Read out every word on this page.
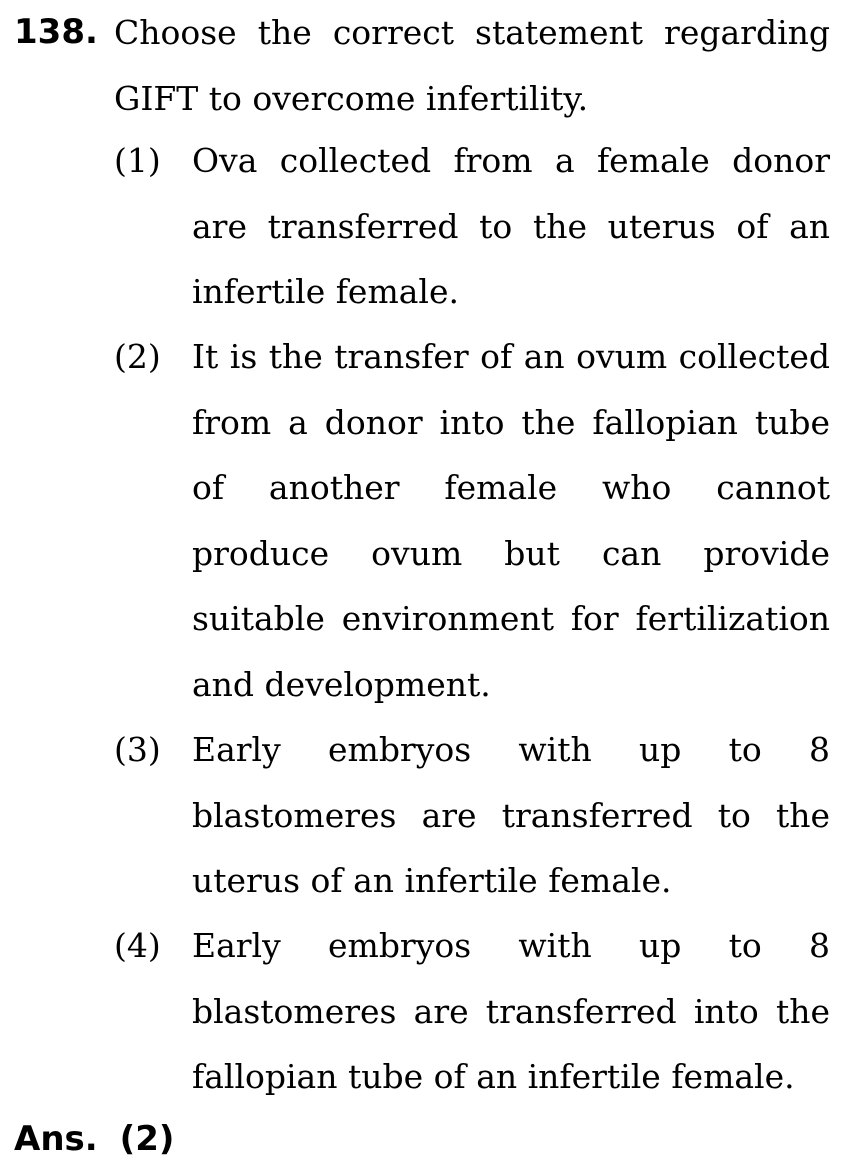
138. Choose the correct statement regarding GIFT to overcome infertility.
(1) Ova collected from a female donor are transferred to the uterus of an infertile female.
(2) It is the transfer of an ovum collected from a donor into the fallopian tube of another female who cannot produce ovum but can provide suitable environment for fertilization and development.
(3) Early embryos with up to 8 blastomeres are transferred to the uterus of an infertile female.
(4) Early embryos with up to 8 blastomeres are transferred into the fallopian tube of an infertile female.
Ans. (2)
